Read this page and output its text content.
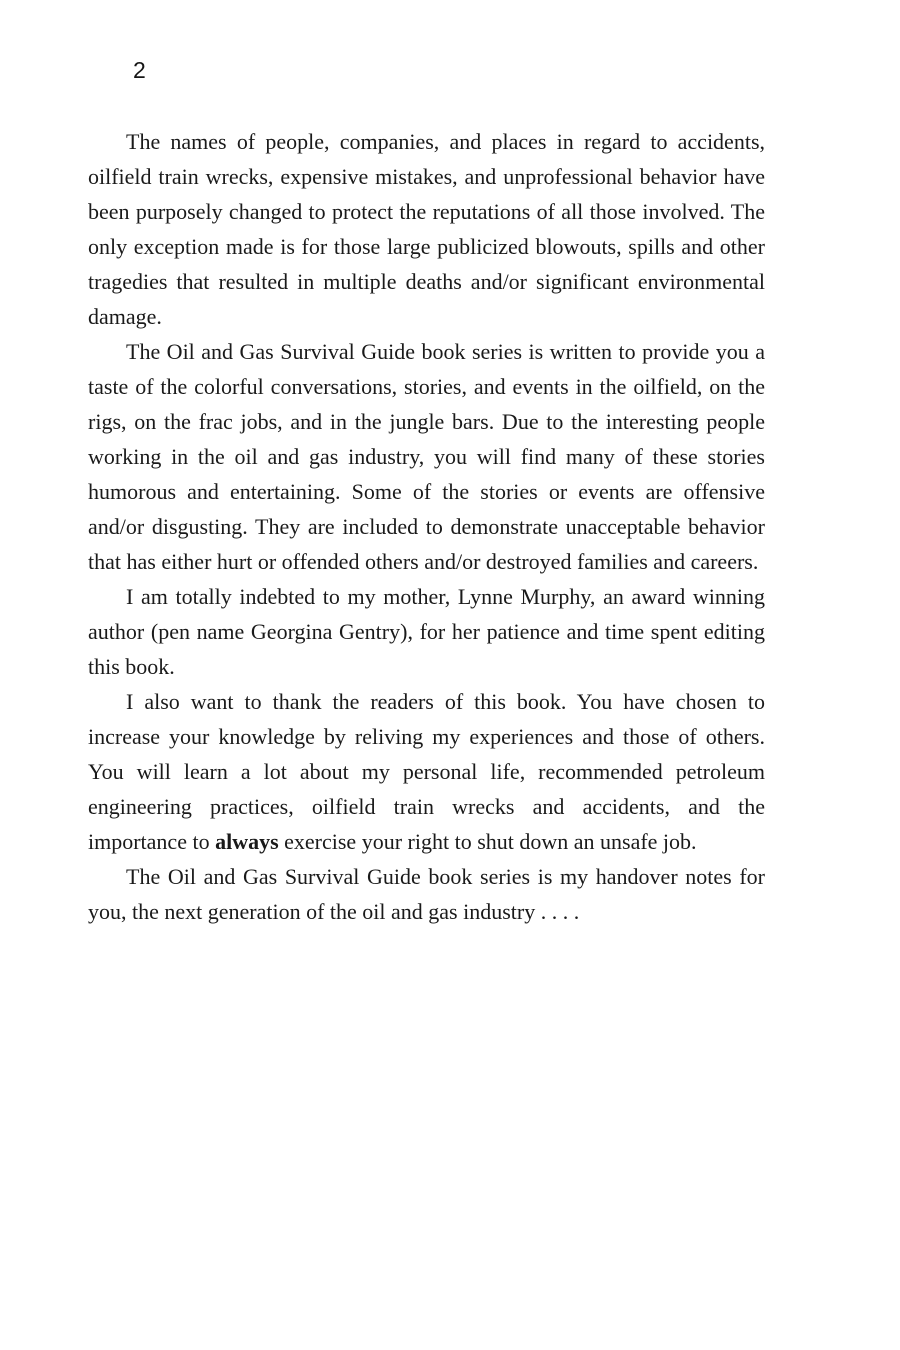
2

The names of people, companies, and places in regard to accidents, oilfield train wrecks, expensive mistakes, and unprofessional behavior have been purposely changed to protect the reputations of all those involved. The only exception made is for those large publicized blowouts, spills and other tragedies that resulted in multiple deaths and/or significant environmental damage.

The Oil and Gas Survival Guide book series is written to provide you a taste of the colorful conversations, stories, and events in the oilfield, on the rigs, on the frac jobs, and in the jungle bars. Due to the interesting people working in the oil and gas industry, you will find many of these stories humorous and entertaining. Some of the stories or events are offensive and/or disgusting. They are included to demonstrate unacceptable behavior that has either hurt or offended others and/or destroyed families and careers.

I am totally indebted to my mother, Lynne Murphy, an award winning author (pen name Georgina Gentry), for her patience and time spent editing this book.

I also want to thank the readers of this book. You have chosen to increase your knowledge by reliving my experiences and those of others. You will learn a lot about my personal life, recommended petroleum engineering practices, oilfield train wrecks and accidents, and the importance to always exercise your right to shut down an unsafe job.

The Oil and Gas Survival Guide book series is my handover notes for you, the next generation of the oil and gas industry . . . .
